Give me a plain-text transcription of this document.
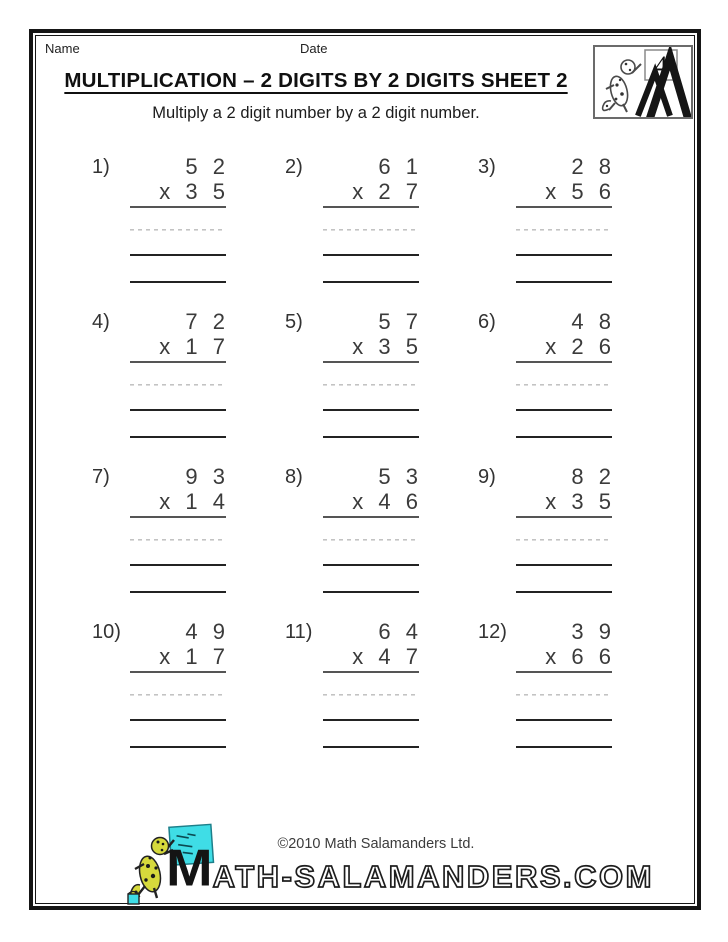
Name	Date
4
MULTIPLICATION – 2 DIGITS BY 2 DIGITS SHEET 2
Multiply a 2 digit number by a 2 digit number.
1)	5 2
x 3 5
2)	6 1
x 2 7
3)	2 8
x 5 6
4)	7 2
x 1 7
5)	5 7
x 3 5
6)	4 8
x 2 6
7)	9 3
x 1 4
8)	5 3
x 4 6
9)	8 2
x 3 5
10)	4 9
x 1 7
11)	6 4
x 4 7
12)	3 9
x 6 6
©2010 Math Salamanders Ltd.
M ATH-SALAMANDERS.COM
